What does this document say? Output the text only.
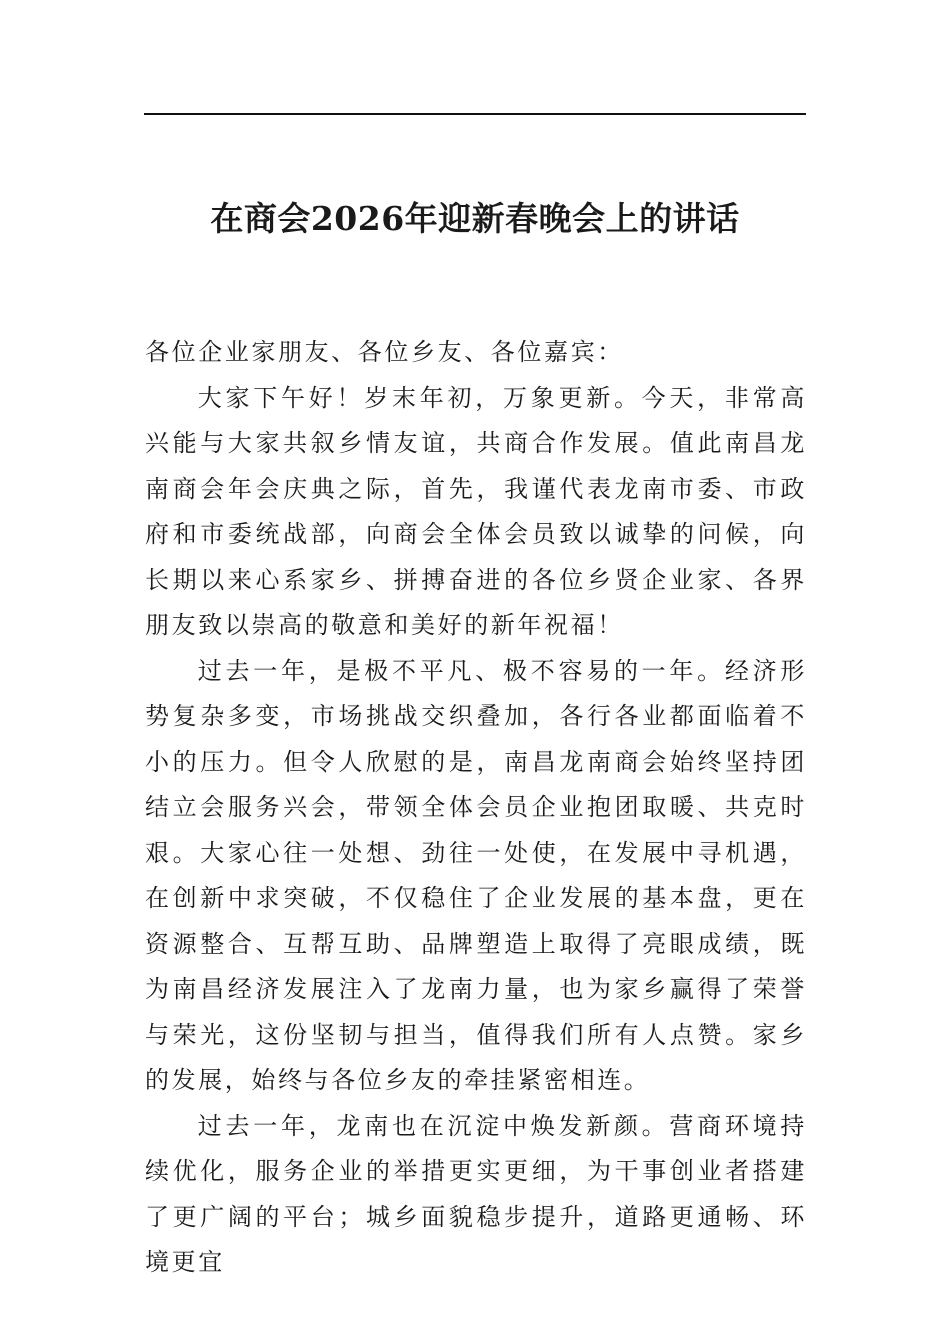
在商会2026年迎新春晚会上的讲话

各位企业家朋友、各位乡友、各位嘉宾：

大家下午好！岁末年初，万象更新。今天，非常高兴能与大家共叙乡情友谊，共商合作发展。值此南昌龙南商会年会庆典之际，首先，我谨代表龙南市委、市政府和市委统战部，向商会全体会员致以诚挚的问候，向长期以来心系家乡、拼搏奋进的各位乡贤企业家、各界朋友致以崇高的敬意和美好的新年祝福！

过去一年，是极不平凡、极不容易的一年。经济形势复杂多变，市场挑战交织叠加，各行各业都面临着不小的压力。但令人欣慰的是，南昌龙南商会始终坚持团结立会服务兴会，带领全体会员企业抱团取暖、共克时艰。大家心往一处想、劲往一处使，在发展中寻机遇，在创新中求突破，不仅稳住了企业发展的基本盘，更在资源整合、互帮互助、品牌塑造上取得了亮眼成绩，既为南昌经济发展注入了龙南力量，也为家乡赢得了荣誉与荣光，这份坚韧与担当，值得我们所有人点赞。家乡的发展，始终与各位乡友的牵挂紧密相连。

过去一年，龙南也在沉淀中焕发新颜。营商环境持续优化，服务企业的举措更实更细，为干事创业者搭建了更广阔的平台；城乡面貌稳步提升，道路更通畅、环境更宜
